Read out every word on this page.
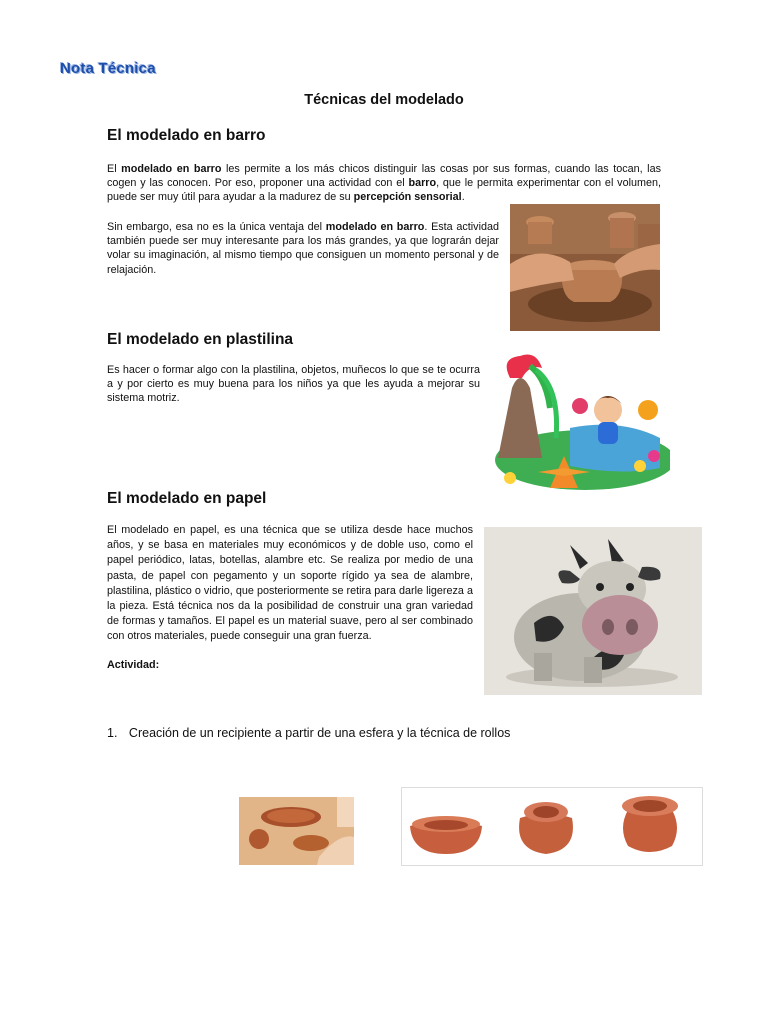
Nota Técnica
Técnicas del modelado
El modelado en barro

El modelado en barro les permite a los más chicos distinguir las cosas por sus formas, cuando las tocan, las cogen y las conocen. Por eso, proponer una actividad con el barro, que le permita experimentar con el volumen, puede ser muy útil para ayudar a la madurez de su percepción sensorial.

Sin embargo, esa no es la única ventaja del modelado en barro. Esta actividad también puede ser muy interesante para los más grandes, ya que lograrán dejar volar su imaginación, al mismo tiempo que consiguen un momento personal y de relajación.

El modelado en plastilina

Es hacer o formar algo con la plastilina, objetos, muñecos lo que se te ocurra a y por cierto es muy buena para los niños ya que les ayuda a mejorar su sistema motriz.

El modelado en papel

El modelado en papel, es una técnica que se utiliza desde hace muchos años, y se basa en materiales muy económicos y de doble uso, como el papel periódico, latas, botellas, alambre etc. Se realiza por medio de una pasta, de papel con pegamento y un soporte rígido ya sea de alambre, plastilina, plástico o vidrio, que posteriormente se retira para darle ligereza a la pieza. Está técnica nos da la posibilidad de construir una gran variedad de formas y tamaños. El papel es un material suave, pero al ser combinado con otros materiales, puede conseguir una gran fuerza.

Actividad:
1. Creación de un recipiente a partir de una esfera y la técnica de rollos
